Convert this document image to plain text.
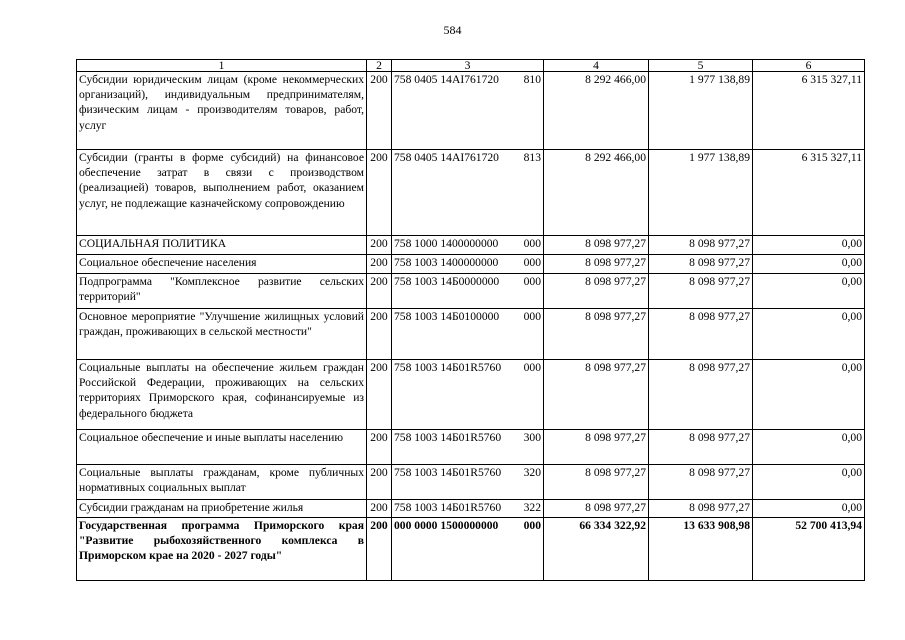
584
1	2	3	4	5	6
Субсидии юридическим лицам (кроме некоммерческих организаций), индивидуальным предпринимателям, физическим лицам - производителям товаров, работ, услуг	200	758 0405 14AI761720 810	8 292 466,00	1 977 138,89	6 315 327,11
Субсидии (гранты в форме субсидий) на финансовое обеспечение затрат в связи с производством (реализацией) товаров, выполнением работ, оказанием услуг, не подлежащие казначейскому сопровождению	200	758 0405 14AI761720 813	8 292 466,00	1 977 138,89	6 315 327,11
СОЦИАЛЬНАЯ ПОЛИТИКА	200	758 1000 1400000000 000	8 098 977,27	8 098 977,27	0,00
Социальное обеспечение населения	200	758 1003 1400000000 000	8 098 977,27	8 098 977,27	0,00
Подпрограмма "Комплексное развитие сельских территорий"	200	758 1003 14Б0000000 000	8 098 977,27	8 098 977,27	0,00
Основное мероприятие "Улучшение жилищных условий граждан, проживающих в сельской местности"	200	758 1003 14Б0100000 000	8 098 977,27	8 098 977,27	0,00
Социальные выплаты на обеспечение жильем граждан Российской Федерации, проживающих на сельских территориях Приморского края, софинансируемые из федерального бюджета	200	758 1003 14Б01R5760 000	8 098 977,27	8 098 977,27	0,00
Социальное обеспечение и иные выплаты населению	200	758 1003 14Б01R5760 300	8 098 977,27	8 098 977,27	0,00
Социальные выплаты гражданам, кроме публичных нормативных социальных выплат	200	758 1003 14Б01R5760 320	8 098 977,27	8 098 977,27	0,00
Субсидии гражданам на приобретение жилья	200	758 1003 14Б01R5760 322	8 098 977,27	8 098 977,27	0,00
Государственная программа Приморского края "Развитие рыбохозяйственного комплекса в Приморском крае на 2020 - 2027 годы"	200	000 0000 1500000000 000	66 334 322,92	13 633 908,98	52 700 413,94
